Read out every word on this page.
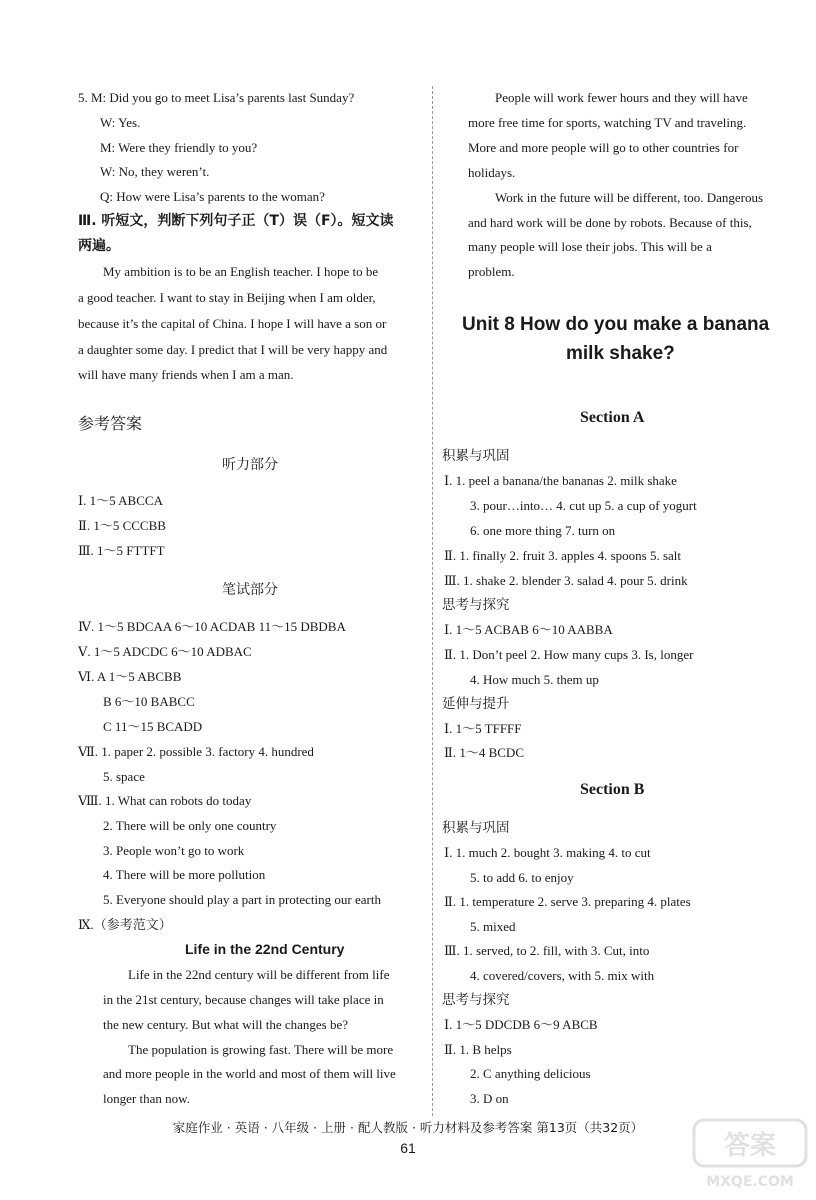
5. M: Did you go to meet Lisa’s parents last Sunday?
W: Yes.
M: Were they friendly to you?
W: No, they weren’t.
Q: How were Lisa’s parents to the woman?
Ⅲ. 听短文，判断下列句子正（T）误（F）。短文读
两遍。
My ambition is to be an English teacher. I hope to be
a good teacher. I want to stay in Beijing when I am older,
because it’s the capital of China. I hope I will have a son or
a daughter some day. I predict that I will be very happy and
will have many friends when I am a man.
参考答案
听力部分
Ⅰ. 1～5 ABCCA
Ⅱ. 1～5 CCCBB
Ⅲ. 1～5 FTTFT
笔试部分
Ⅳ. 1～5 BDCAA 6～10 ACDAB 11～15 DBDBA
Ⅴ. 1～5 ADCDC 6～10 ADBAC
Ⅵ. A 1～5 ABCBB
B 6～10 BABCC
C 11～15 BCADD
Ⅶ. 1. paper 2. possible 3. factory 4. hundred
5. space
Ⅷ. 1. What can robots do today
2. There will be only one country
3. People won’t go to work
4. There will be more pollution
5. Everyone should play a part in protecting our earth
Ⅸ.（参考范文）
Life in the 22nd Century
Life in the 22nd century will be different from life
in the 21st century, because changes will take place in
the new century. But what will the changes be?
The population is growing fast. There will be more
and more people in the world and most of them will live
longer than now.
People will work fewer hours and they will have
more free time for sports, watching TV and traveling.
More and more people will go to other countries for
holidays.
Work in the future will be different, too. Dangerous
and hard work will be done by robots. Because of this,
many people will lose their jobs. This will be a
problem.
Unit 8 How do you make a banana
milk shake?
Section A
积累与巩固
Ⅰ. 1. peel a banana/the bananas 2. milk shake
3. pour…into… 4. cut up 5. a cup of yogurt
6. one more thing 7. turn on
Ⅱ. 1. finally 2. fruit 3. apples 4. spoons 5. salt
Ⅲ. 1. shake 2. blender 3. salad 4. pour 5. drink
思考与探究
Ⅰ. 1～5 ACBAB 6～10 AABBA
Ⅱ. 1. Don’t peel 2. How many cups 3. Is, longer
4. How much 5. them up
延伸与提升
Ⅰ. 1～5 TFFFF
Ⅱ. 1～4 BCDC
Section B
积累与巩固
Ⅰ. 1. much 2. bought 3. making 4. to cut
5. to add 6. to enjoy
Ⅱ. 1. temperature 2. serve 3. preparing 4. plates
5. mixed
Ⅲ. 1. served, to 2. fill, with 3. Cut, into
4. covered/covers, with 5. mix with
思考与探究
Ⅰ. 1～5 DDCDB 6～9 ABCB
Ⅱ. 1. B helps
2. C anything delicious
3. D on
家庭作业 · 英语 · 八年级 · 上册 · 配人教版 · 听力材料及参考答案 第13页（共32页）
61	答案
MXQE.COM
